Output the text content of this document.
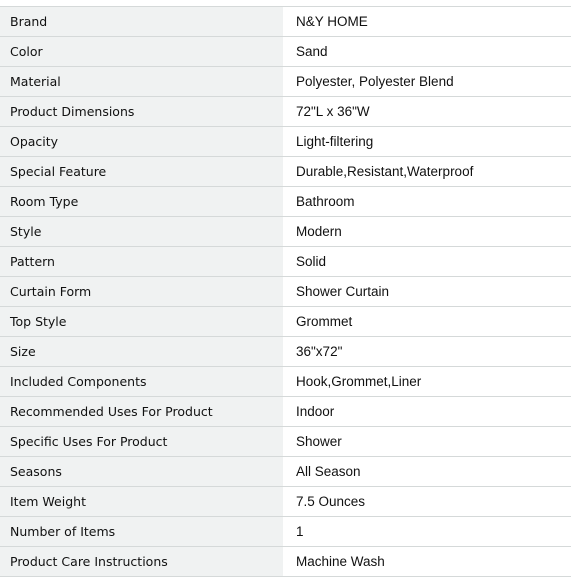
Brand	N&Y HOME
Color	Sand
Material	Polyester, Polyester Blend
Product Dimensions	72"L x 36"W
Opacity	Light-filtering
Special Feature	Durable,Resistant,Waterproof
Room Type	Bathroom
Style	Modern
Pattern	Solid
Curtain Form	Shower Curtain
Top Style	Grommet
Size	36"x72"
Included Components	Hook,Grommet,Liner
Recommended Uses For Product	Indoor
Specific Uses For Product	Shower
Seasons	All Season
Item Weight	7.5 Ounces
Number of Items	1
Product Care Instructions	Machine Wash
